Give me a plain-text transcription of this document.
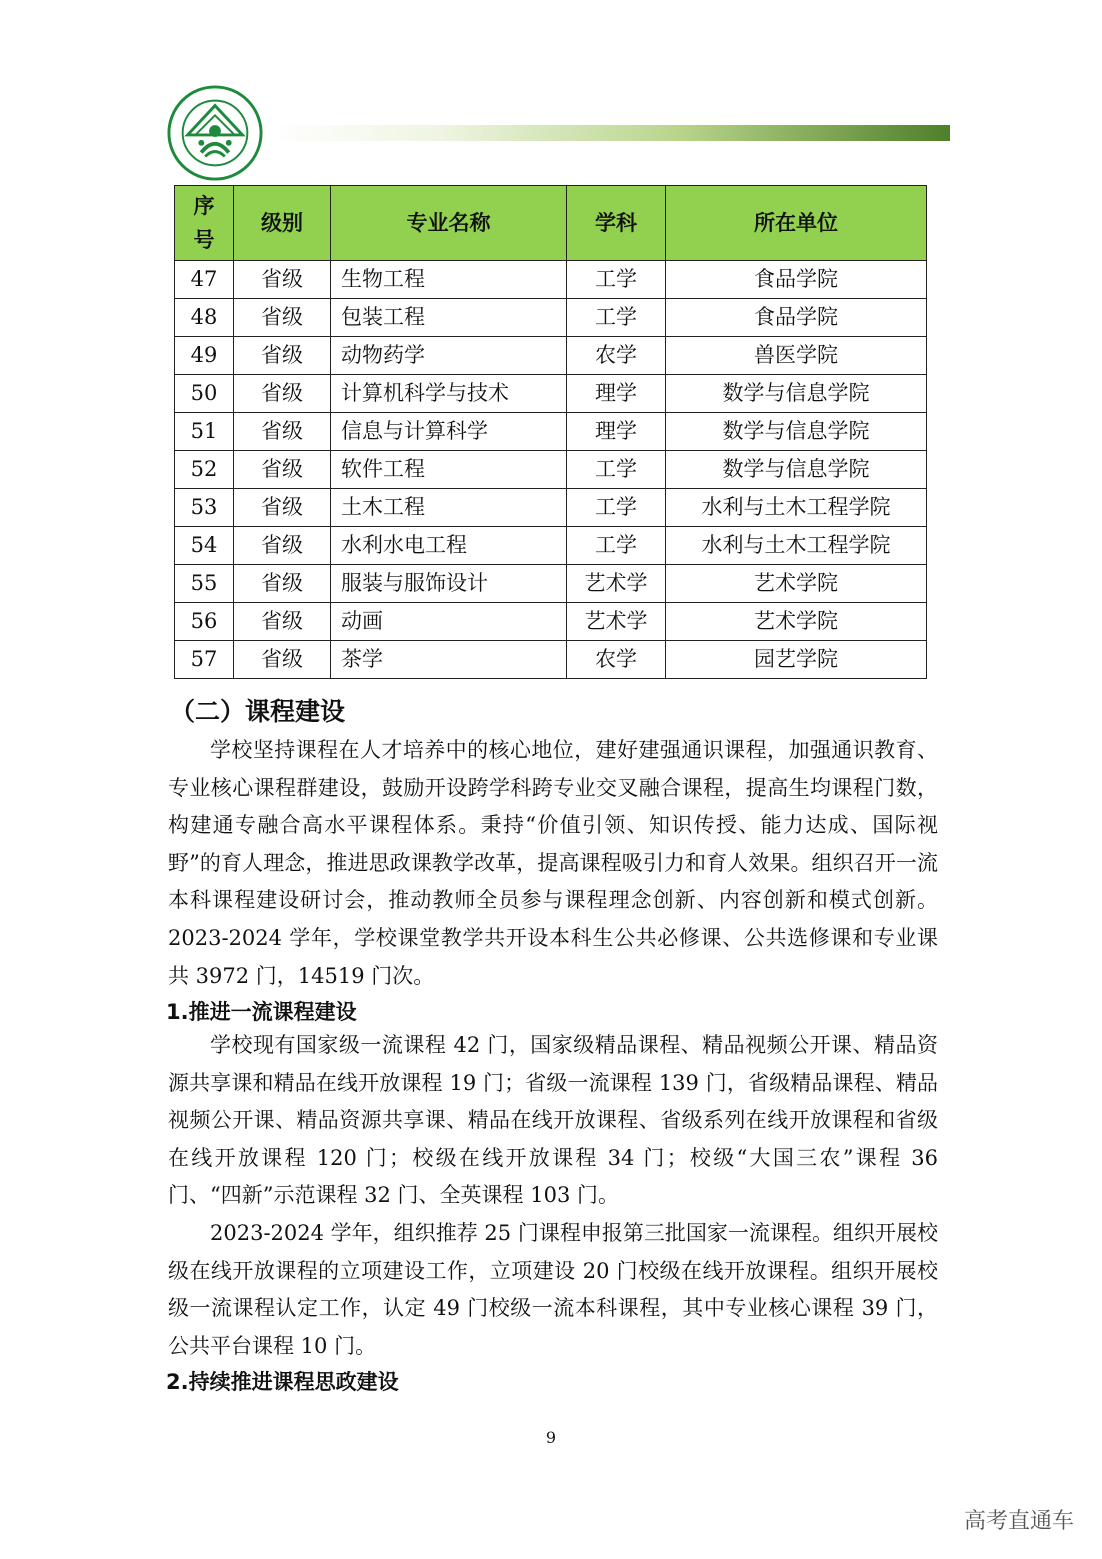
序号	级别	专业名称	学科	所在单位
47	省级	生物工程	工学	食品学院
48	省级	包装工程	工学	食品学院
49	省级	动物药学	农学	兽医学院
50	省级	计算机科学与技术	理学	数学与信息学院
51	省级	信息与计算科学	理学	数学与信息学院
52	省级	软件工程	工学	数学与信息学院
53	省级	土木工程	工学	水利与土木工程学院
54	省级	水利水电工程	工学	水利与土木工程学院
55	省级	服装与服饰设计	艺术学	艺术学院
56	省级	动画	艺术学	艺术学院
57	省级	茶学	农学	园艺学院
（二）课程建设

学校坚持课程在人才培养中的核心地位，建好建强通识课程，加强通识教育、专业核心课程群建设，鼓励开设跨学科跨专业交叉融合课程，提高生均课程门数，构建通专融合高水平课程体系。秉持“价值引领、知识传授、能力达成、国际视野”的育人理念，推进思政课教学改革，提高课程吸引力和育人效果。组织召开一流本科课程建设研讨会，推动教师全员参与课程理念创新、内容创新和模式创新。2023-2024 学年，学校课堂教学共开设本科生公共必修课、公共选修课和专业课共 3972 门，14519 门次。

1.推进一流课程建设

学校现有国家级一流课程 42 门，国家级精品课程、精品视频公开课、精品资源共享课和精品在线开放课程 19 门；省级一流课程 139 门，省级精品课程、精品视频公开课、精品资源共享课、精品在线开放课程、省级系列在线开放课程和省级在线开放课程 120 门；校级在线开放课程 34 门；校级“大国三农”课程 36 门、“四新”示范课程 32 门、全英课程 103 门。

2023-2024 学年，组织推荐 25 门课程申报第三批国家一流课程。组织开展校级在线开放课程的立项建设工作，立项建设 20 门校级在线开放课程。组织开展校级一流课程认定工作，认定 49 门校级一流本科课程，其中专业核心课程 39 门，公共平台课程 10 门。

2.持续推进课程思政建设
9
高考直通车
